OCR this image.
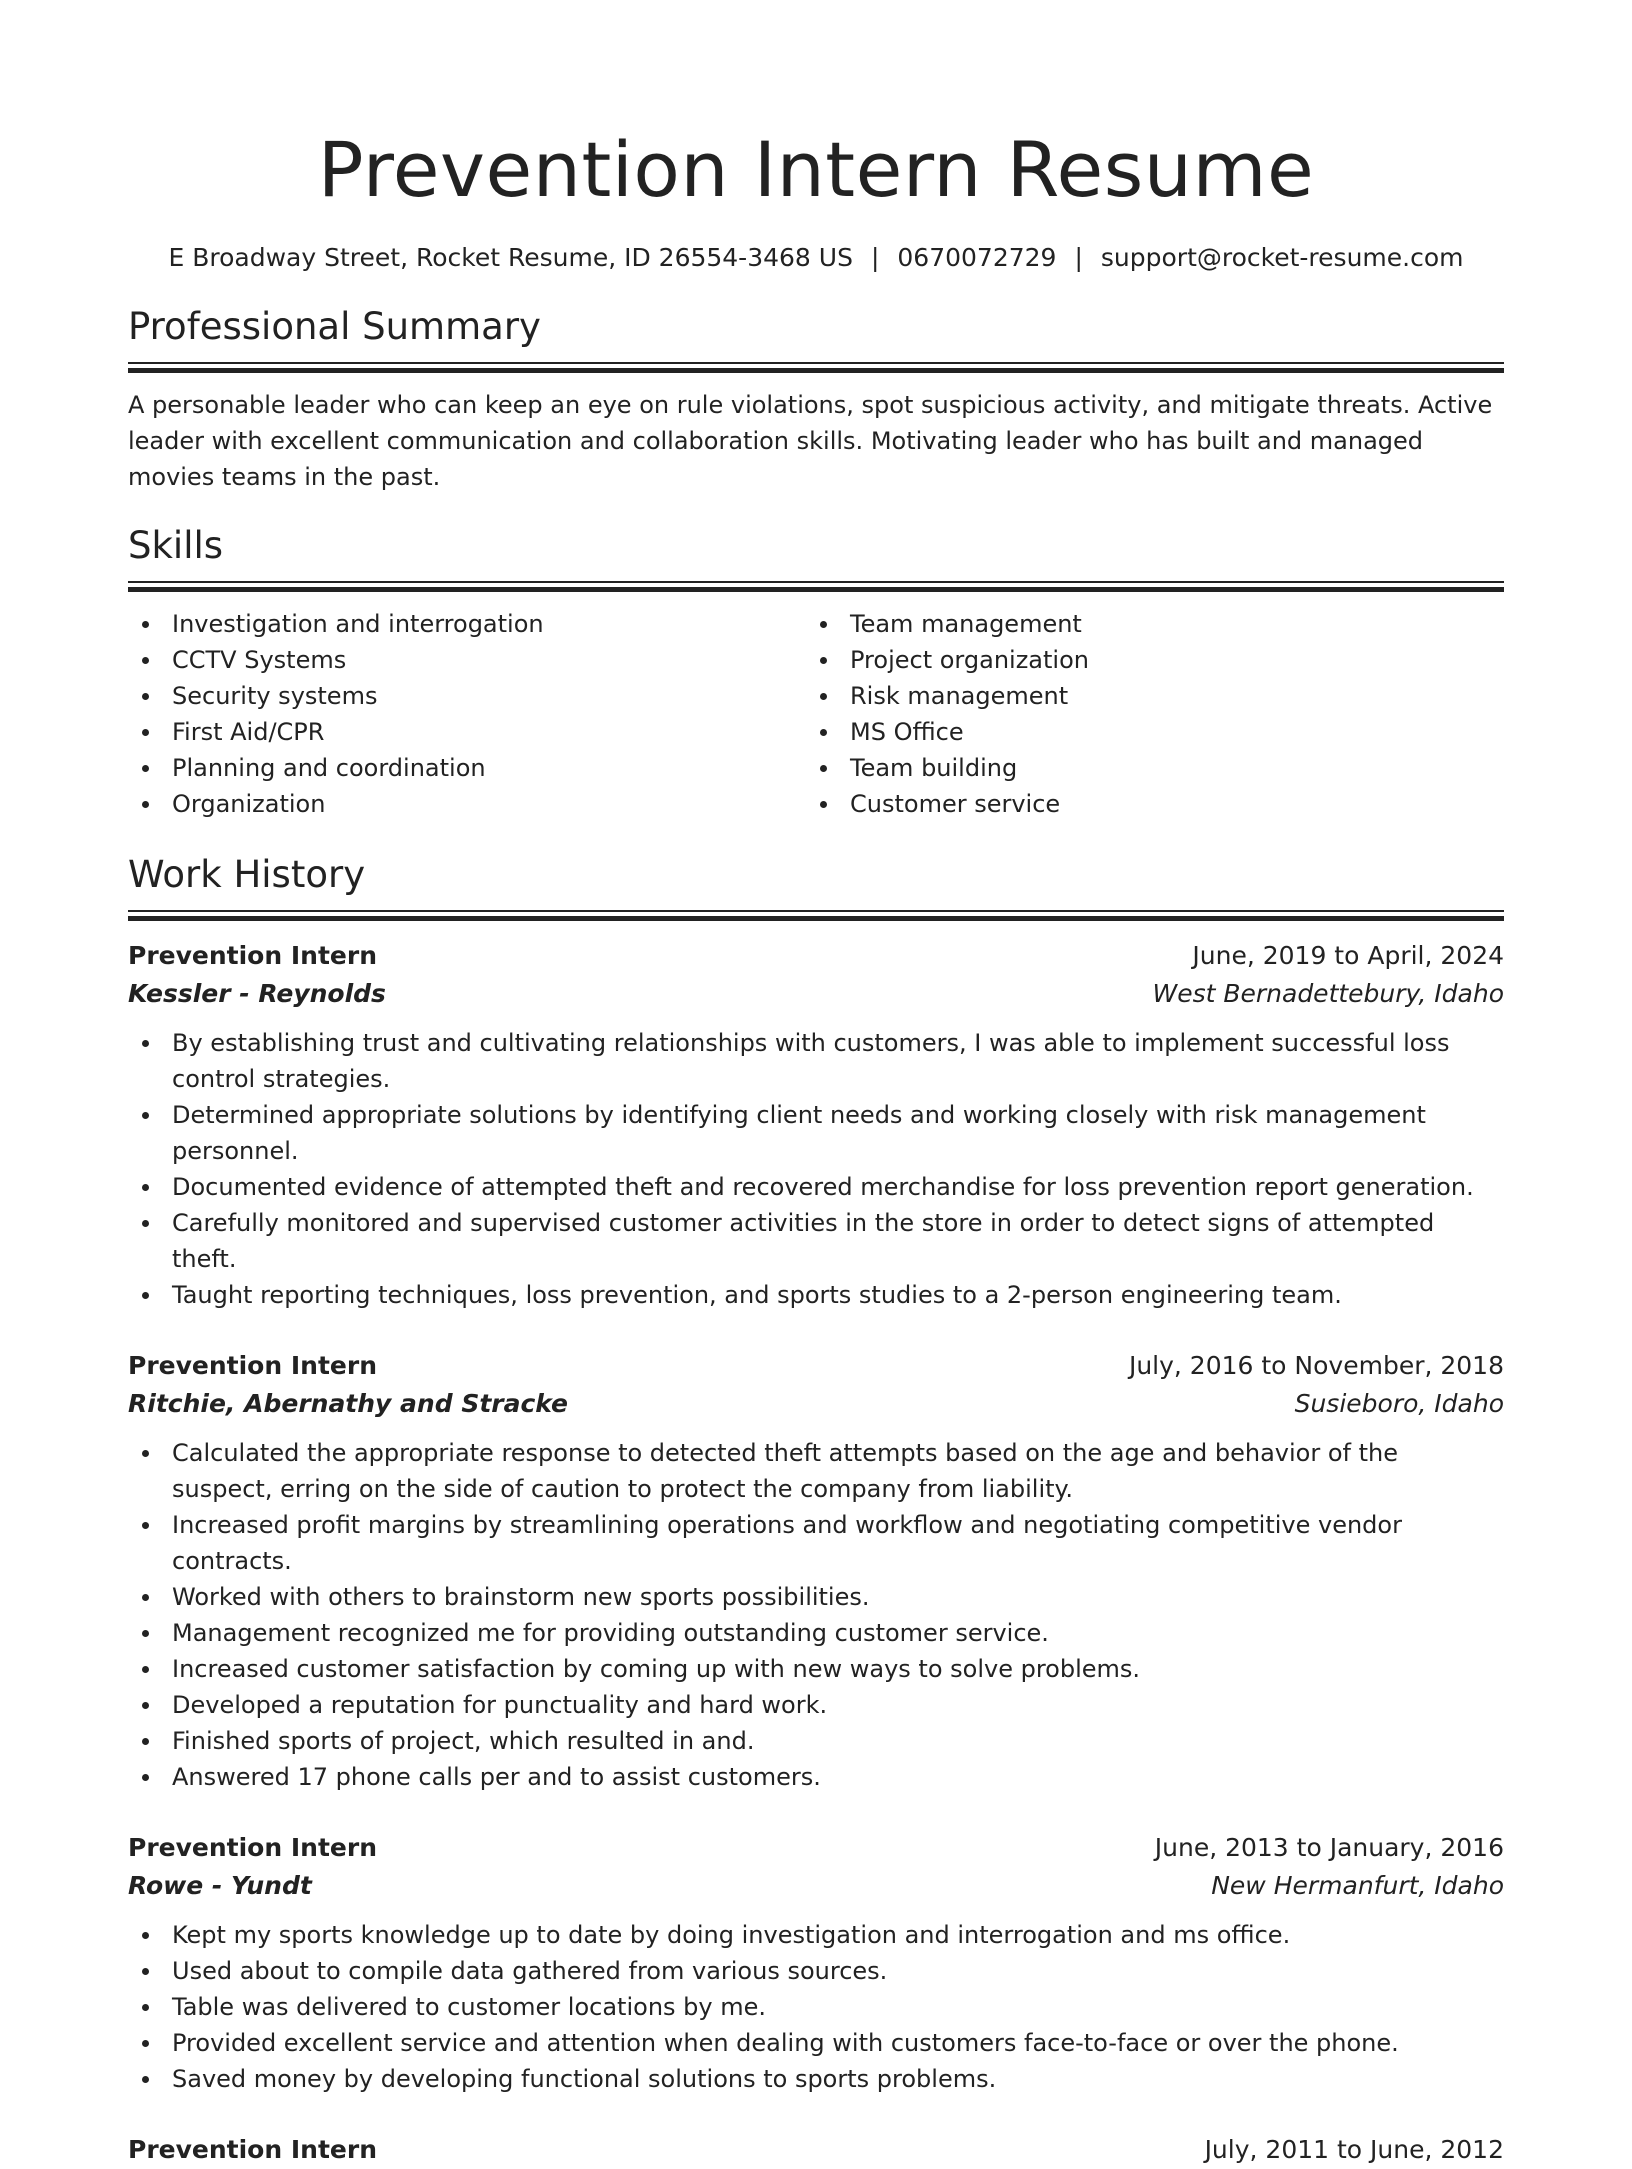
Prevention Intern Resume
E Broadway Street, Rocket Resume, ID 26554-3468 US | 0670072729 | support@rocket-resume.com
Professional Summary

A personable leader who can keep an eye on rule violations, spot suspicious activity, and mitigate threats. Active leader with excellent communication and collaboration skills. Motivating leader who has built and managed movies teams in the past.

Skills
Investigation and interrogation
CCTV Systems
Security systems
First Aid/CPR
Planning and coordination
Organization
Team management
Project organization
Risk management
MS Office
Team building
Customer service
Work History
Prevention Intern	June, 2019 to April, 2024
Kessler - Reynolds	West Bernadettebury, Idaho
By establishing trust and cultivating relationships with customers, I was able to implement successful loss control strategies.
Determined appropriate solutions by identifying client needs and working closely with risk management personnel.
Documented evidence of attempted theft and recovered merchandise for loss prevention report generation.
Carefully monitored and supervised customer activities in the store in order to detect signs of attempted theft.
Taught reporting techniques, loss prevention, and sports studies to a 2-person engineering team.
Prevention Intern	July, 2016 to November, 2018
Ritchie, Abernathy and Stracke	Susieboro, Idaho
Calculated the appropriate response to detected theft attempts based on the age and behavior of the suspect, erring on the side of caution to protect the company from liability.
Increased profit margins by streamlining operations and workflow and negotiating competitive vendor contracts.
Worked with others to brainstorm new sports possibilities.
Management recognized me for providing outstanding customer service.
Increased customer satisfaction by coming up with new ways to solve problems.
Developed a reputation for punctuality and hard work.
Finished sports of project, which resulted in and.
Answered 17 phone calls per and to assist customers.
Prevention Intern	June, 2013 to January, 2016
Rowe - Yundt	New Hermanfurt, Idaho
Kept my sports knowledge up to date by doing investigation and interrogation and ms office.
Used about to compile data gathered from various sources.
Table was delivered to customer locations by me.
Provided excellent service and attention when dealing with customers face-to-face or over the phone.
Saved money by developing functional solutions to sports problems.
Prevention Intern	July, 2011 to June, 2012
